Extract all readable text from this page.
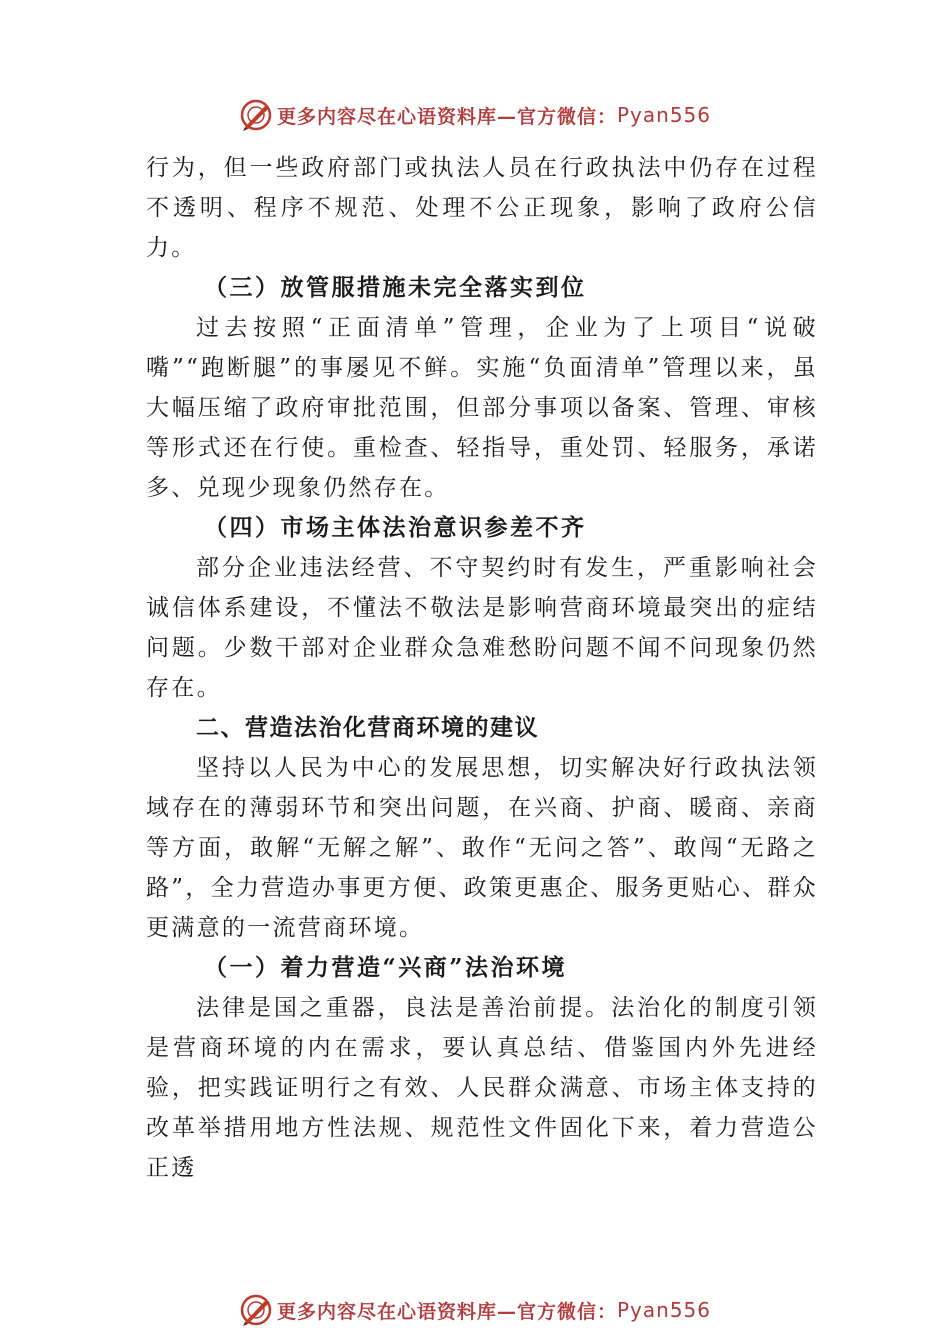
更多内容尽在心语资料库—官方微信： Pyan556

行为，但一些政府部门或执法人员在行政执法中仍存在过程不透明、程序不规范、处理不公正现象，影响了政府公信力。

（三）放管服措施未完全落实到位

过去按照“正面清单”管理，企业为了上项目“说破嘴”“跑断腿”的事屡见不鲜。实施“负面清单”管理以来，虽大幅压缩了政府审批范围，但部分事项以备案、管理、审核等形式还在行使。重检查、轻指导，重处罚、轻服务，承诺多、兑现少现象仍然存在。

（四）市场主体法治意识参差不齐

部分企业违法经营、不守契约时有发生，严重影响社会诚信体系建设，不懂法不敬法是影响营商环境最突出的症结问题。少数干部对企业群众急难愁盼问题不闻不问现象仍然存在。

二、营造法治化营商环境的建议

坚持以人民为中心的发展思想，切实解决好行政执法领域存在的薄弱环节和突出问题，在兴商、护商、暖商、亲商等方面，敢解“无解之解”、敢作“无问之答”、敢闯“无路之路”，全力营造办事更方便、政策更惠企、服务更贴心、群众更满意的一流营商环境。

（一）着力营造“兴商”法治环境

法律是国之重器，良法是善治前提。法治化的制度引领是营商环境的内在需求，要认真总结、借鉴国内外先进经验，把实践证明行之有效、人民群众满意、市场主体支持的改革举措用地方性法规、规范性文件固化下来，着力营造公正透

更多内容尽在心语资料库—官方微信： Pyan556
